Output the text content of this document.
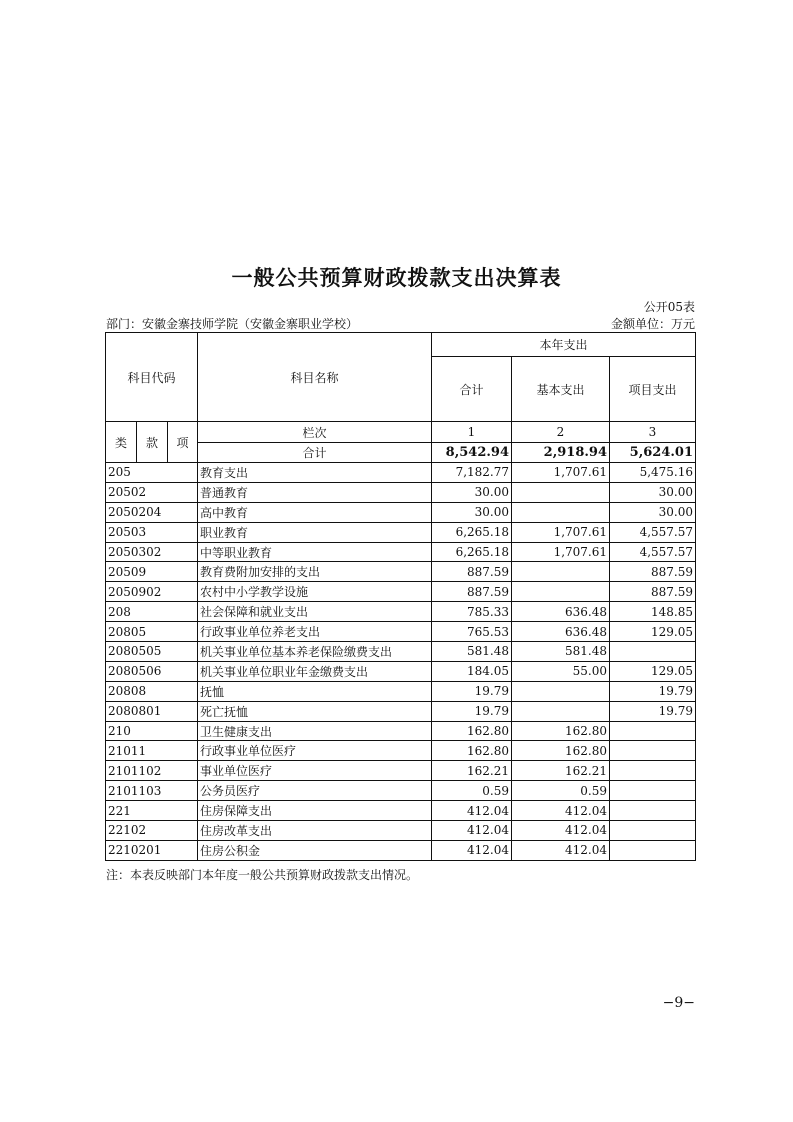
一般公共预算财政拨款支出决算表
公开05表
部门：安徽金寨技师学院（安徽金寨职业学校）	金额单位：万元
科目代码			科目名称	本年支出		
				合计	基本支出	项目支出
类	款	项	栏次	1	2	3
			合计	8,542.94	2,918.94	5,624.01
205			教育支出	7,182.77	1,707.61	5,475.16
20502			普通教育	30.00		30.00
2050204			高中教育	30.00		30.00
20503			职业教育	6,265.18	1,707.61	4,557.57
2050302			中等职业教育	6,265.18	1,707.61	4,557.57
20509			教育费附加安排的支出	887.59		887.59
2050902			农村中小学教学设施	887.59		887.59
208			社会保障和就业支出	785.33	636.48	148.85
20805			行政事业单位养老支出	765.53	636.48	129.05
2080505			机关事业单位基本养老保险缴费支出	581.48	581.48	
2080506			机关事业单位职业年金缴费支出	184.05	55.00	129.05
20808			抚恤	19.79		19.79
2080801			死亡抚恤	19.79		19.79
210			卫生健康支出	162.80	162.80	
21011			行政事业单位医疗	162.80	162.80	
2101102			事业单位医疗	162.21	162.21	
2101103			公务员医疗	0.59	0.59	
221			住房保障支出	412.04	412.04	
22102			住房改革支出	412.04	412.04	
2210201			住房公积金	412.04	412.04	
注：本表反映部门本年度一般公共预算财政拨款支出情况。
−9−
